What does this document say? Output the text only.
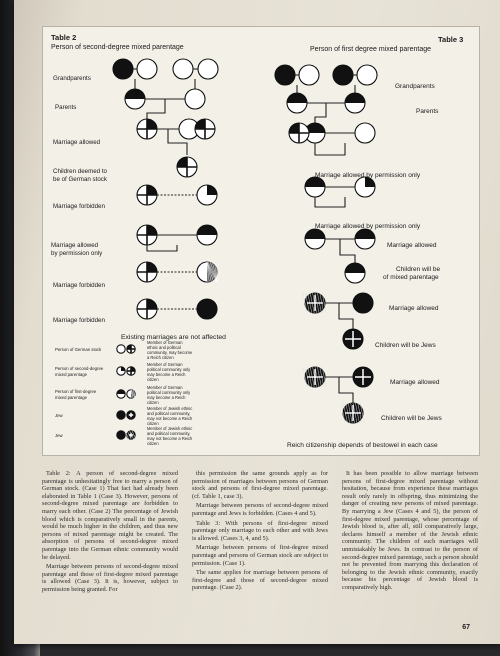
Table 2
Person of second-degree mixed parentage
Table 3
Person of first degree mixed parentage
Grandparents
Parents
Marriage allowed
Children deemed to
be of German stock
Marriage forbidden
Marriage allowed
by permission only
Marriage forbidden
Marriage forbidden
Existing marriages are not affected
Person of German stock
Member of German
ethnic and political
community, may become
a Reich citizen
Person of second-degree
mixed parentage
Member of German
political community only
may become a Reich
citizen
Person of first-degree
mixed parentage
Member of German
political community only
may become a Reich
citizen
Jew
Member of Jewish ethnic
and political community,
may not become a Reich
citizen
Jew
Member of Jewish ethnic
and political community,
may not become a Reich
citizen
Grandparents
Parents
Marriage allowed by permission only
Marriage allowed by permission only
Marriage allowed
Children will be
of mixed parentage
Marriage allowed
Children will be Jews
Marriage allowed
Children will be Jews
Reich citizenship depends of bestowel in each case

Table 2: A person of second-degree mixed parentage is unhesitatingly free to marry a person of German stock. (Case 1) That fact had already been elaborated in Table 1 (Case 3). However, persons of second-degree mixed parentage are forbidden to marry each other. (Case 2) The percentage of Jewish blood which is comparatively small in the parents, would be much higher in the children, and thus new persons of mixed parentage might be created. The absorption of persons of second-degree mixed parentage into the German ethnic community would be delayed.

Marriage between persons of second-degree mixed parentage and those of first-degree mixed parentage is allowed (Case 3). It is, however, subject to permission being granted. For

this permission the same grounds apply as for permission of marriages between persons of German stock and persons of first-degree mixed parentage. (cf. Table 1, case 3).

Marriage between persons of second-degree mixed parentage and Jews is forbidden. (Cases 4 and 5).

Table 3: With persons of first-degree mixed parentage only marriage to each other and with Jews is allowed. (Cases 3, 4, and 5).

Marriage between persons of first-degree mixed parentage and persons of German stock are subject to permission. (Case 1).

The same applies for marriage between persons of first-degree and those of second-degree mixed parentage. (Case 2).

It has been possible to allow marriage between persons of first-degree mixed parentage without hesitation, because from experience these marriages result only rarely in offspring, thus minimizing the danger of creating new persons of mixed parentage. By marrying a Jew (Cases 4 and 5), the person of first-degree mixed parentage, whose percentage of Jewish blood is, after all, still comparatively large, declares himself a member of the Jewish ethnic community. The children of such marriages will unmistakably be Jews. In contrast to the person of second-degree mixed parentage, such a person should not be prevented from marrying this declaration of belonging to the Jewish ethnic community, exactly because his percentage of Jewish blood is comparatively high.

67
